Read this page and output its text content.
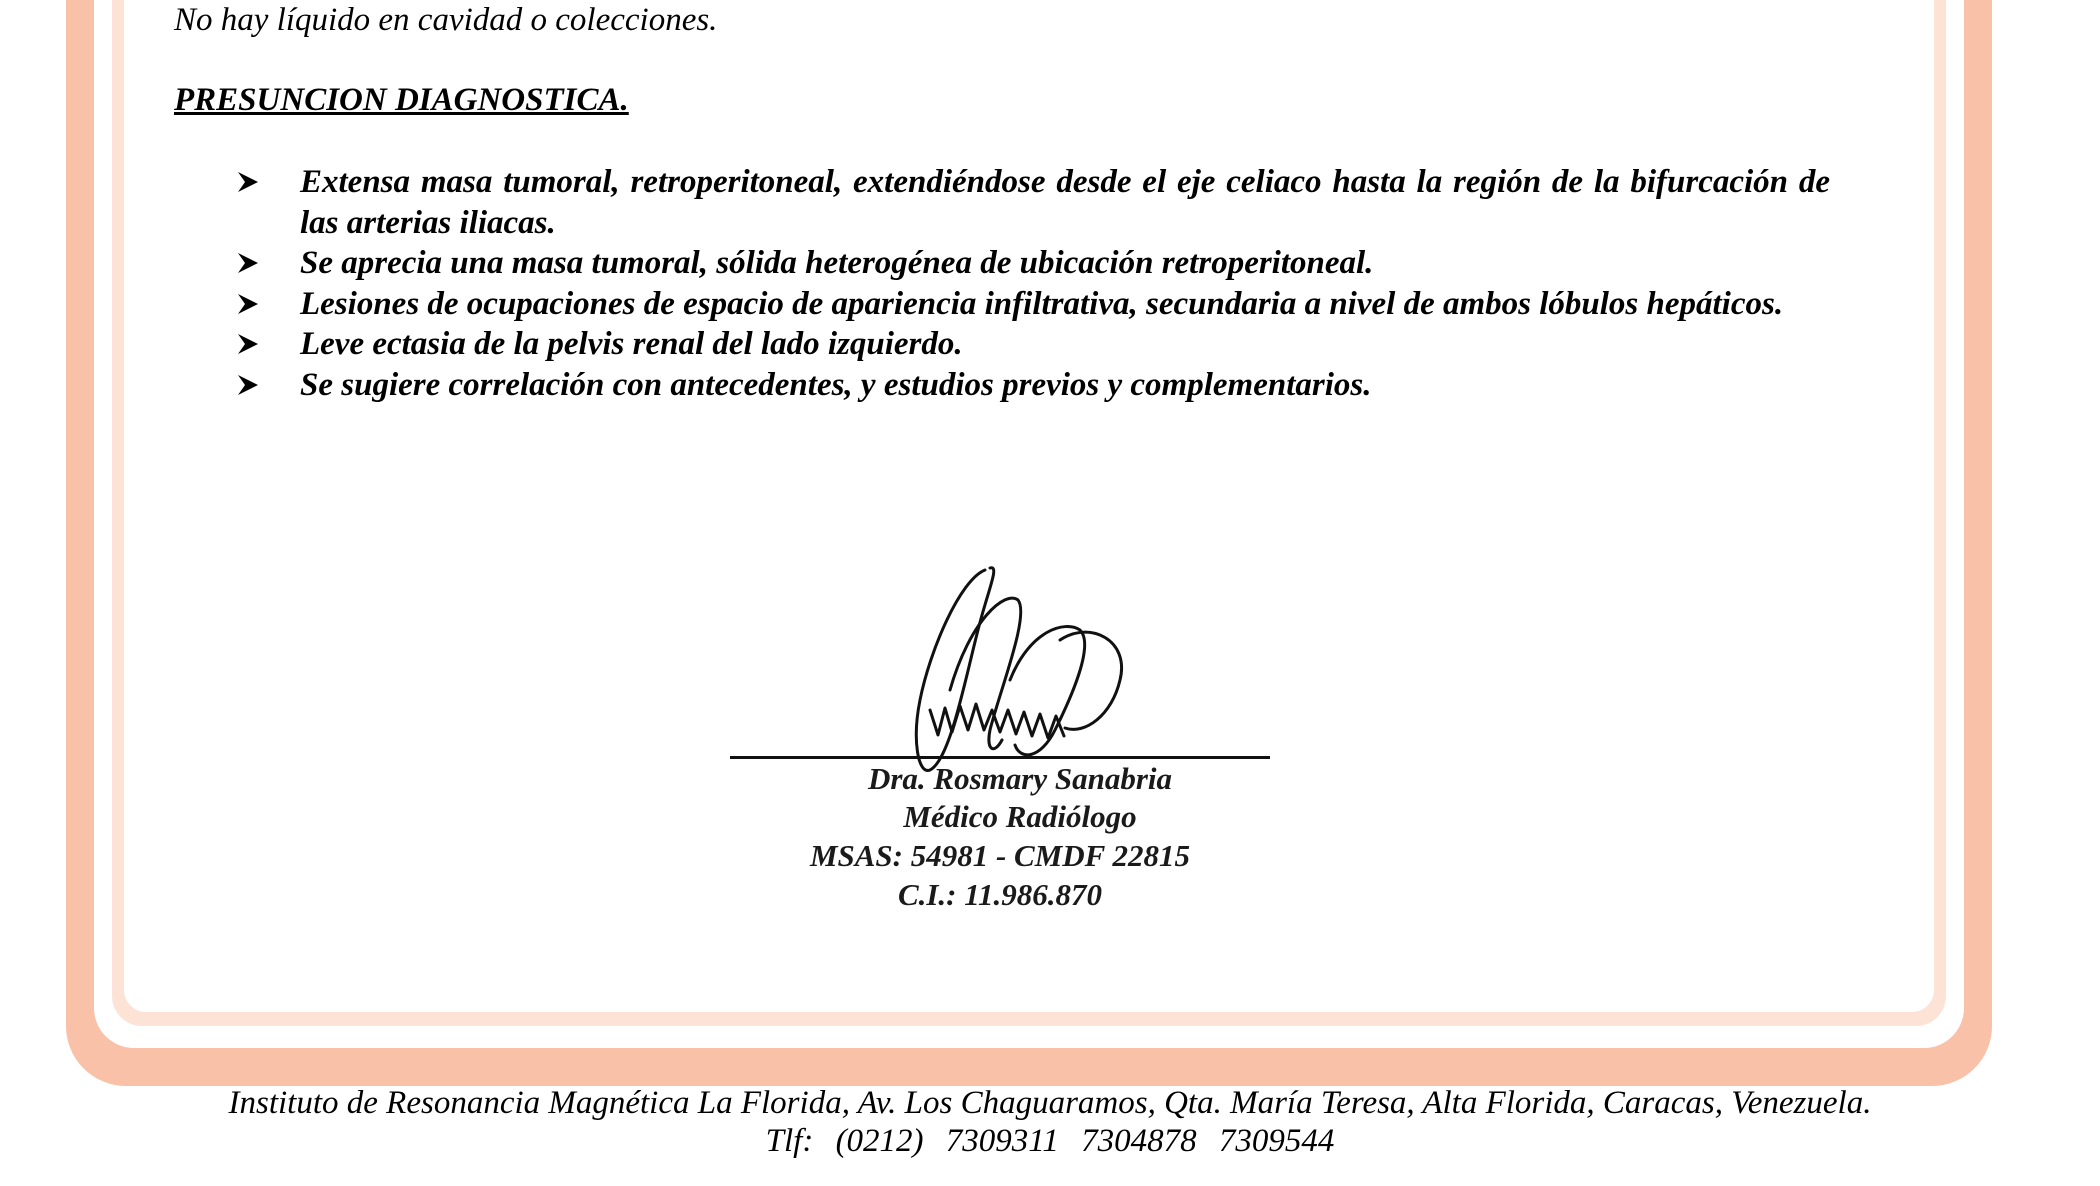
No hay líquido en cavidad o colecciones.
PRESUNCION DIAGNOSTICA.
Extensa masa tumoral, retroperitoneal, extendiéndose desde el eje celiaco hasta la región de la bifurcación de las arterias iliacas.
Se aprecia una masa tumoral, sólida heterogénea de ubicación retroperitoneal.
Lesiones de ocupaciones de espacio de apariencia infiltrativa, secundaria a nivel de ambos lóbulos hepáticos.
Leve ectasia de la pelvis renal del lado izquierdo.
Se sugiere correlación con antecedentes, y estudios previos y complementarios.
Dra. Rosmary Sanabria
Médico Radiólogo
MSAS: 54981 - CMDF 22815
C.I.: 11.986.870
Instituto de Resonancia Magnética La Florida, Av. Los Chaguaramos, Qta. María Teresa, Alta Florida, Caracas, Venezuela.
Tlf: (0212) 7309311 7304878 7309544
